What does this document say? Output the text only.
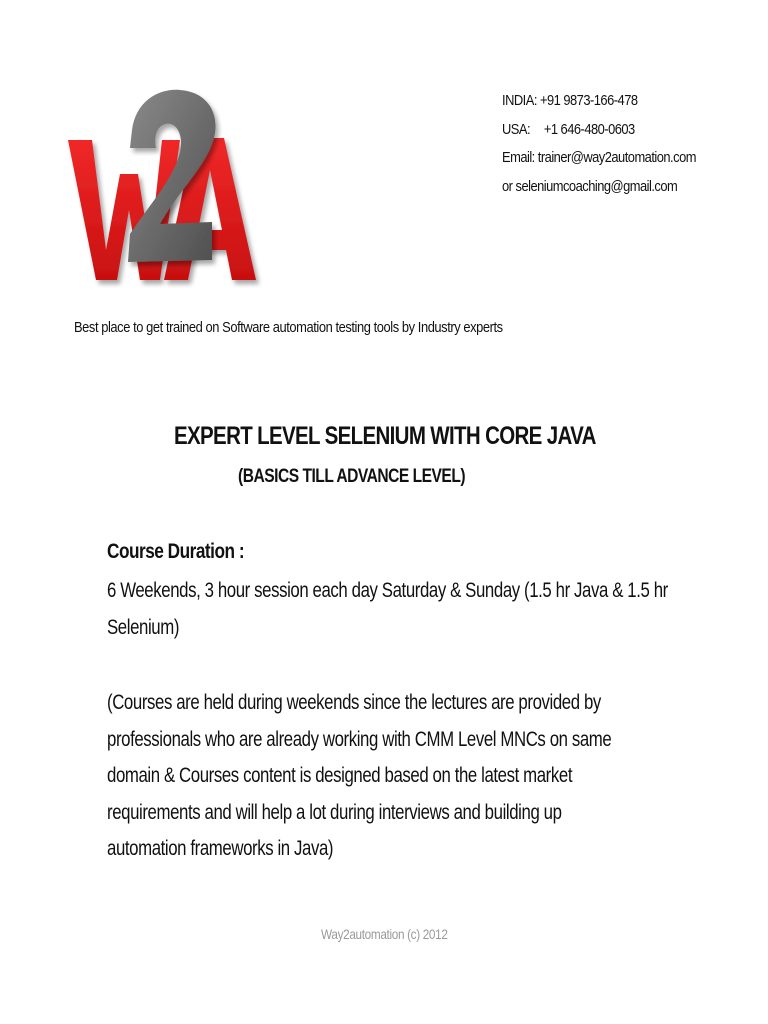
INDIA: +91 9873-166-478
USA: +1 646-480-0603
Email: trainer@way2automation.com
or seleniumcoaching@gmail.com
Best place to get trained on Software automation testing tools by Industry experts
EXPERT LEVEL SELENIUM WITH CORE JAVA
(BASICS TILL ADVANCE LEVEL)
Course Duration :
6 Weekends, 3 hour session each day Saturday & Sunday (1.5 hr Java & 1.5 hr
Selenium)
(Courses are held during weekends since the lectures are provided by
professionals who are already working with CMM Level MNCs on same
domain & Courses content is designed based on the latest market
requirements and will help a lot during interviews and building up
automation frameworks in Java)
Way2automation (c) 2012
